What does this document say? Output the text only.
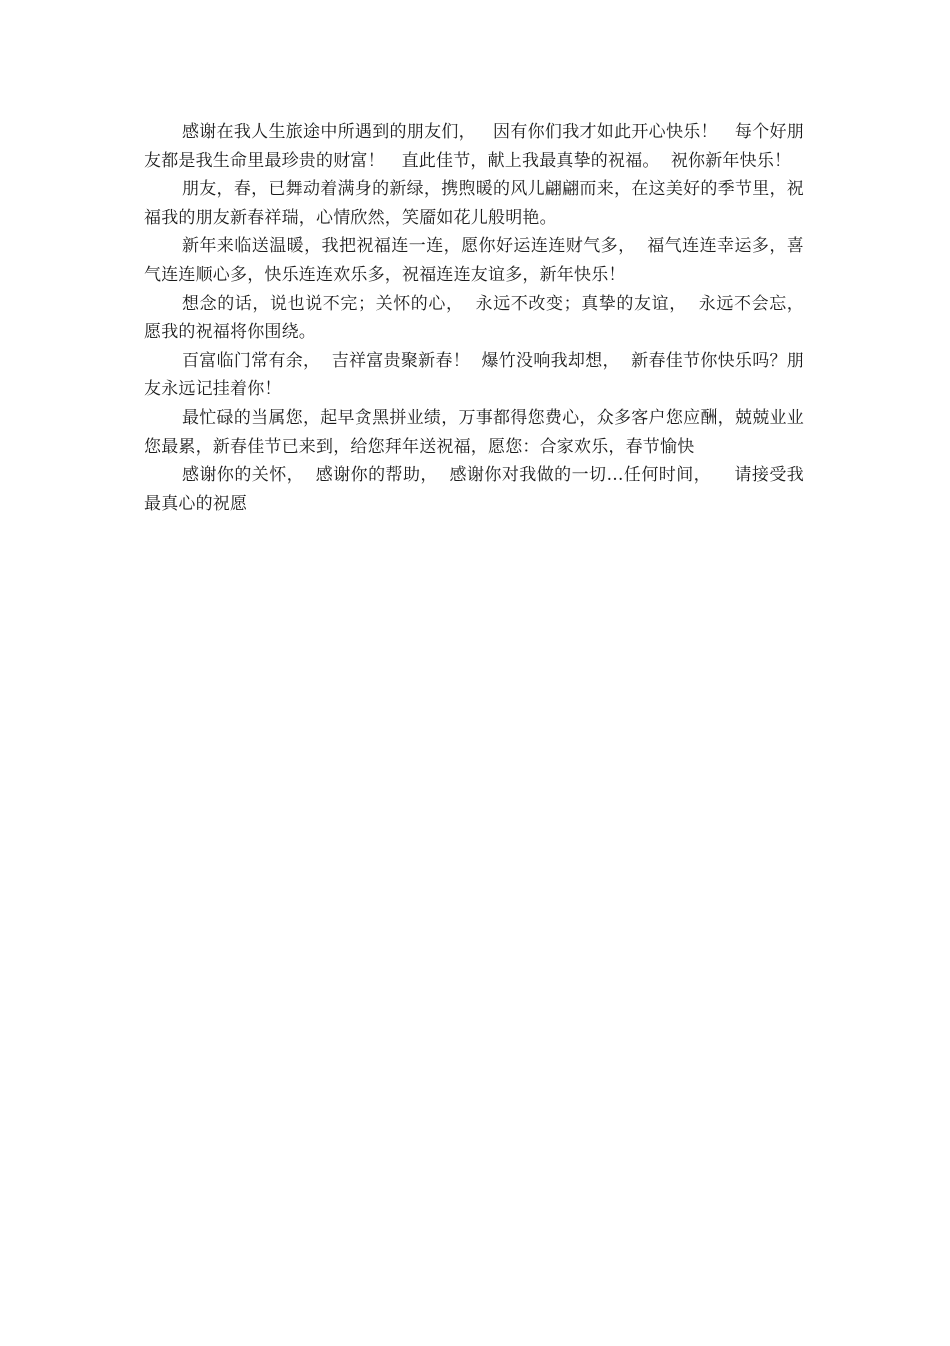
感谢在我人生旅途中所遇到的朋友们，   因有你们我才如此开心快乐！   每个好朋友都是我生命里最珍贵的财富！   直此佳节，献上我最真挚的祝福。  祝你新年快乐！

朋友，春，已舞动着满身的新绿，携煦暖的风儿翩翩而来，在这美好的季节里，祝福我的朋友新春祥瑞，心情欣然，笑靥如花儿般明艳。

新年来临送温暖，我把祝福连一连，愿你好运连连财气多，  福气连连幸运多，喜气连连顺心多，快乐连连欢乐多，祝福连连友谊多，新年快乐！

想念的话，说也说不完；关怀的心，  永远不改变；真挚的友谊，  永远不会忘，愿我的祝福将你围绕。

百富临门常有余，  吉祥富贵聚新春！  爆竹没响我却想，  新春佳节你快乐吗？朋友永远记挂着你！

最忙碌的当属您，起早贪黑拼业绩，万事都得您费心，众多客户您应酬，兢兢业业您最累，新春佳节已来到，给您拜年送祝福，愿您：合家欢乐，春节愉快

感谢你的关怀，  感谢你的帮助，  感谢你对我做的一切…任何时间，    请接受我最真心的祝愿
